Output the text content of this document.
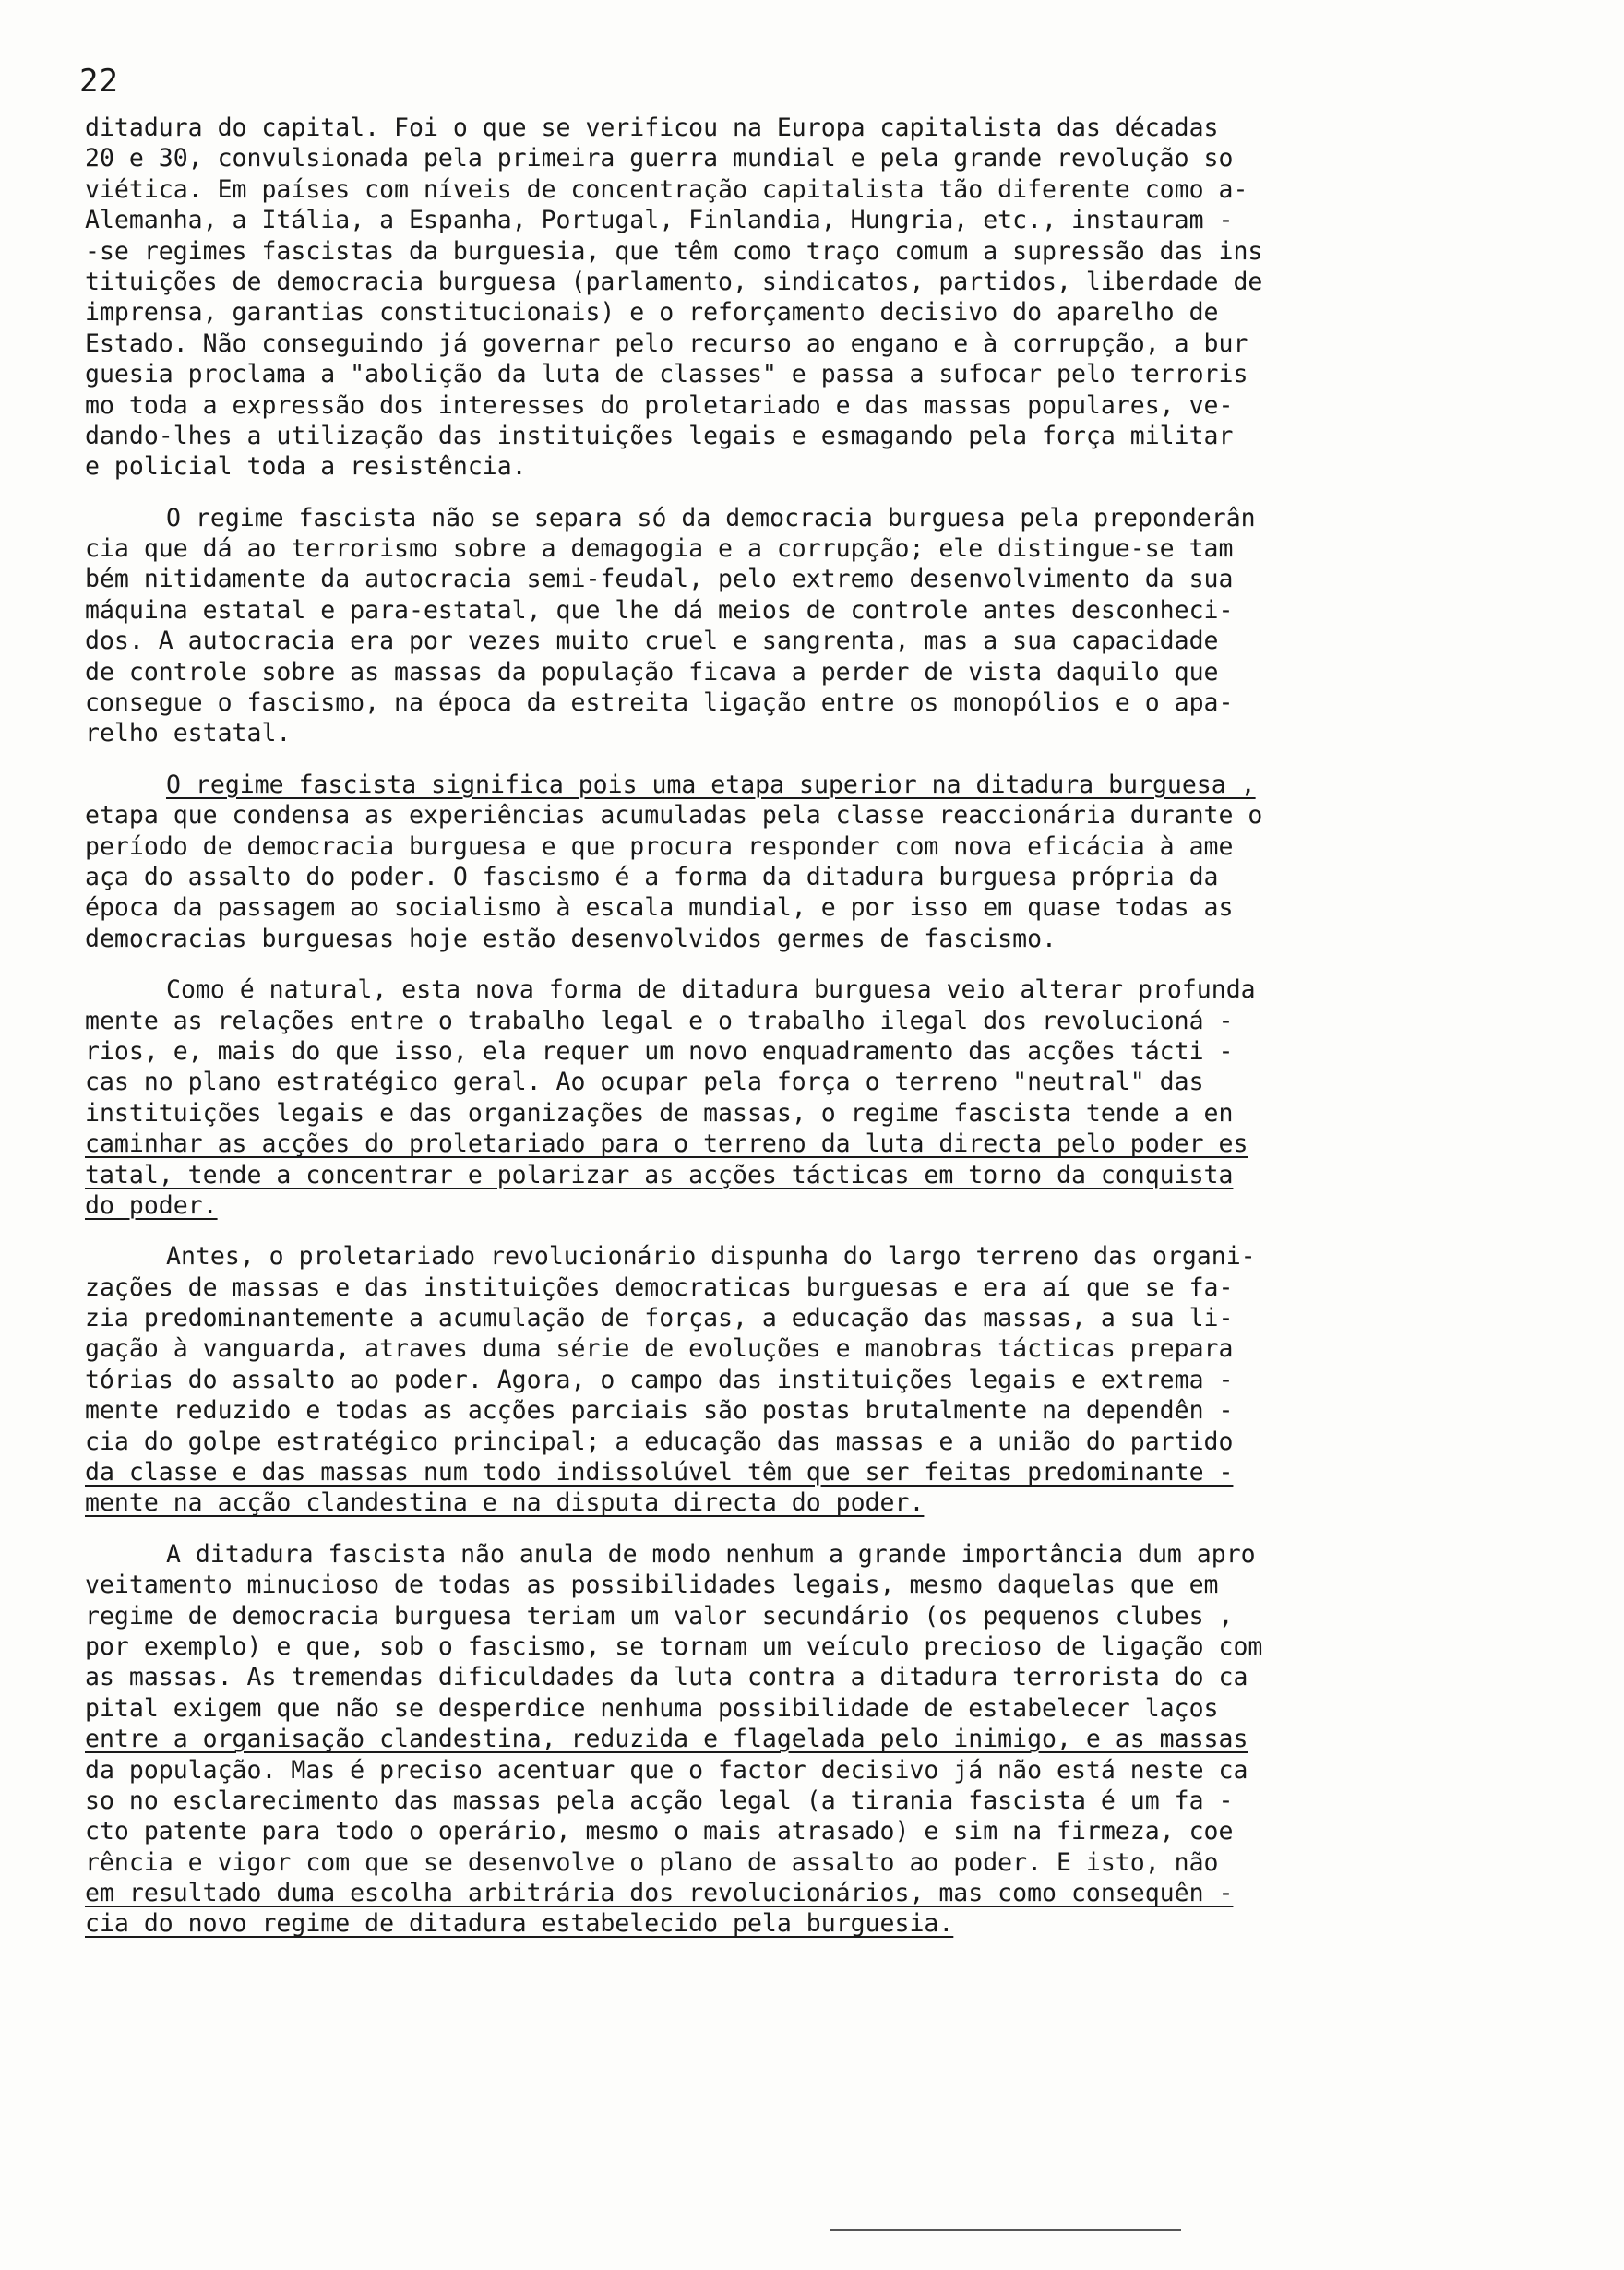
22

ditadura do capital. Foi o que se verificou na Europa capitalista das décadas
20 e 30, convulsionada pela primeira guerra mundial e pela grande revolução so
viética. Em países com níveis de concentração capitalista tão diferente como a-
Alemanha, a Itália, a Espanha, Portugal, Finlandia, Hungria, etc., instauram -
-se regimes fascistas da burguesia, que têm como traço comum a supressão das ins
tituições de democracia burguesa (parlamento, sindicatos, partidos, liberdade de
imprensa, garantias constitucionais) e o reforçamento decisivo do aparelho de
Estado. Não conseguindo já governar pelo recurso ao engano e à corrupção, a bur
guesia proclama a "abolição da luta de classes" e passa a sufocar pelo terroris
mo toda a expressão dos interesses do proletariado e das massas populares, ve-
dando-lhes a utilização das instituições legais e esmagando pela força militar
e policial toda a resistência.

O regime fascista não se separa só da democracia burguesa pela preponderân
cia que dá ao terrorismo sobre a demagogia e a corrupção; ele distingue-se tam
bém nitidamente da autocracia semi-feudal, pelo extremo desenvolvimento da sua
máquina estatal e para-estatal, que lhe dá meios de controle antes desconheci-
dos. A autocracia era por vezes muito cruel e sangrenta, mas a sua capacidade
de controle sobre as massas da população ficava a perder de vista daquilo que
consegue o fascismo, na época da estreita ligação entre os monopólios e o apa-
relho estatal.

O regime fascista significa pois uma etapa superior na ditadura burguesa ,
etapa que condensa as experiências acumuladas pela classe reaccionária durante o
período de democracia burguesa e que procura responder com nova eficácia à ame
aça do assalto do poder. O fascismo é a forma da ditadura burguesa própria da
época da passagem ao socialismo à escala mundial, e por isso em quase todas as
democracias burguesas hoje estão desenvolvidos germes de fascismo.

Como é natural, esta nova forma de ditadura burguesa veio alterar profunda
mente as relações entre o trabalho legal e o trabalho ilegal dos revolucioná -
rios, e, mais do que isso, ela requer um novo enquadramento das acções tácti -
cas no plano estratégico geral. Ao ocupar pela força o terreno "neutral" das
instituições legais e das organizações de massas, o regime fascista tende a en
caminhar as acções do proletariado para o terreno da luta directa pelo poder es
tatal, tende a concentrar e polarizar as acções tácticas em torno da conquista
do poder.

Antes, o proletariado revolucionário dispunha do largo terreno das organi-
zações de massas e das instituições democraticas burguesas e era aí que se fa-
zia predominantemente a acumulação de forças, a educação das massas, a sua li-
gação à vanguarda, atraves duma série de evoluções e manobras tácticas prepara
tórias do assalto ao poder. Agora, o campo das instituições legais e extrema -
mente reduzido e todas as acções parciais são postas brutalmente na dependên -
cia do golpe estratégico principal; a educação das massas e a união do partido
da classe e das massas num todo indissolúvel têm que ser feitas predominante -
mente na acção clandestina e na disputa directa do poder.

A ditadura fascista não anula de modo nenhum a grande importância dum apro
veitamento minucioso de todas as possibilidades legais, mesmo daquelas que em
regime de democracia burguesa teriam um valor secundário (os pequenos clubes ,
por exemplo) e que, sob o fascismo, se tornam um veículo precioso de ligação com
as massas. As tremendas dificuldades da luta contra a ditadura terrorista do ca
pital exigem que não se desperdice nenhuma possibilidade de estabelecer laços
entre a organisação clandestina, reduzida e flagelada pelo inimigo, e as massas
da população. Mas é preciso acentuar que o factor decisivo já não está neste ca
so no esclarecimento das massas pela acção legal (a tirania fascista é um fa -
cto patente para todo o operário, mesmo o mais atrasado) e sim na firmeza, coe
rência e vigor com que se desenvolve o plano de assalto ao poder. E isto, não
em resultado duma escolha arbitrária dos revolucionários, mas como consequên -
cia do novo regime de ditadura estabelecido pela burguesia.
